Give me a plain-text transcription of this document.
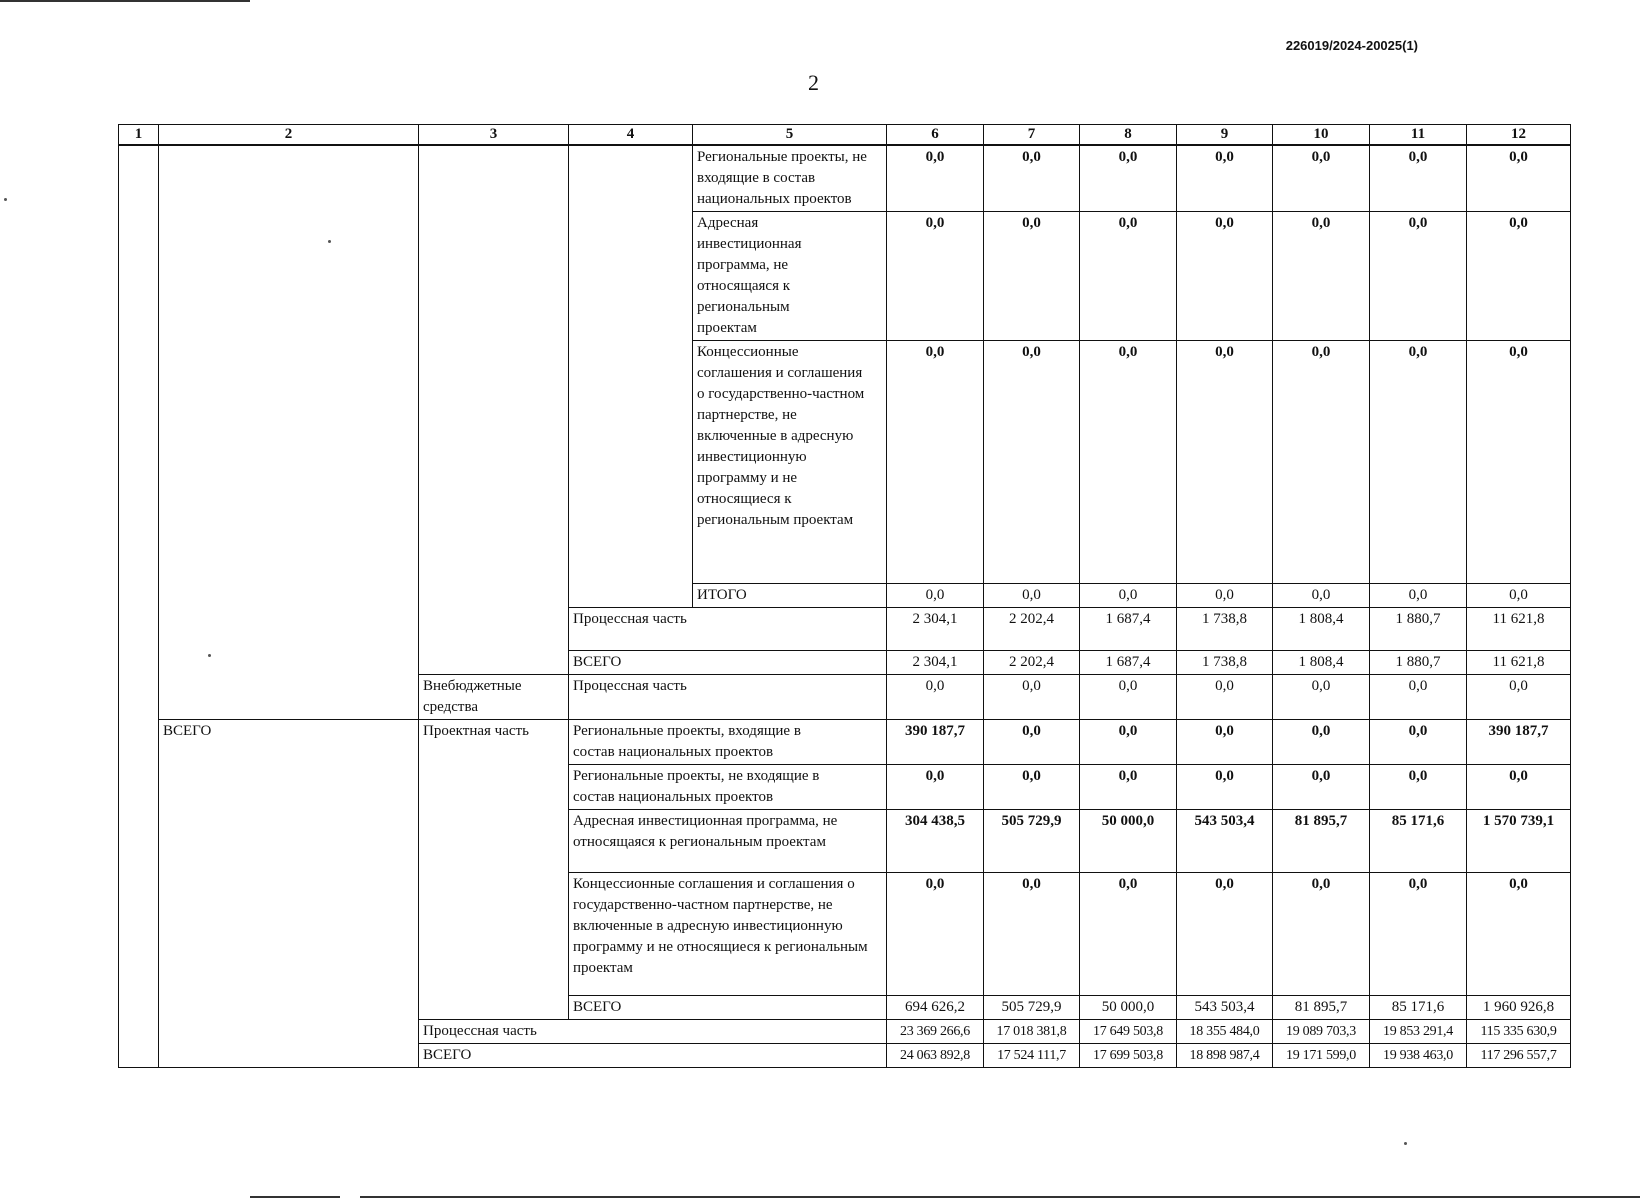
226019/2024-20025(1)
2
1	2	3	4	5	6	7	8	9	10	11	12
				Региональные проекты, не входящие в состав национальных проектов	0,0	0,0	0,0	0,0	0,0	0,0	0,0
				Адресная инвестиционная программа, не относящаяся к региональным проектам	0,0	0,0	0,0	0,0	0,0	0,0	0,0
				Концессионные соглашения и соглашения о государственно-частном партнерстве, не включенные в адресную инвестиционную программу и не относящиеся к региональным проектам	0,0	0,0	0,0	0,0	0,0	0,0	0,0
				ИТОГО	0,0	0,0	0,0	0,0	0,0	0,0	0,0
			Процессная часть		2 304,1	2 202,4	1 687,4	1 738,8	1 808,4	1 880,7	11 621,8
			ВСЕГО		2 304,1	2 202,4	1 687,4	1 738,8	1 808,4	1 880,7	11 621,8
		Внебюджетные средства	Процессная часть		0,0	0,0	0,0	0,0	0,0	0,0	0,0
	ВСЕГО	Проектная часть	Региональные проекты, входящие в состав национальных проектов		390 187,7	0,0	0,0	0,0	0,0	0,0	390 187,7
			Региональные проекты, не входящие в состав национальных проектов		0,0	0,0	0,0	0,0	0,0	0,0	0,0
			Адресная инвестиционная программа, не относящаяся к региональным проектам		304 438,5	505 729,9	50 000,0	543 503,4	81 895,7	85 171,6	1 570 739,1
			Концессионные соглашения и соглашения о государственно-частном партнерстве, не включенные в адресную инвестиционную программу и не относящиеся к региональным проектам		0,0	0,0	0,0	0,0	0,0	0,0	0,0
			ВСЕГО		694 626,2	505 729,9	50 000,0	543 503,4	81 895,7	85 171,6	1 960 926,8
		Процессная часть			23 369 266,6	17 018 381,8	17 649 503,8	18 355 484,0	19 089 703,3	19 853 291,4	115 335 630,9
		ВСЕГО			24 063 892,8	17 524 111,7	17 699 503,8	18 898 987,4	19 171 599,0	19 938 463,0	117 296 557,7
